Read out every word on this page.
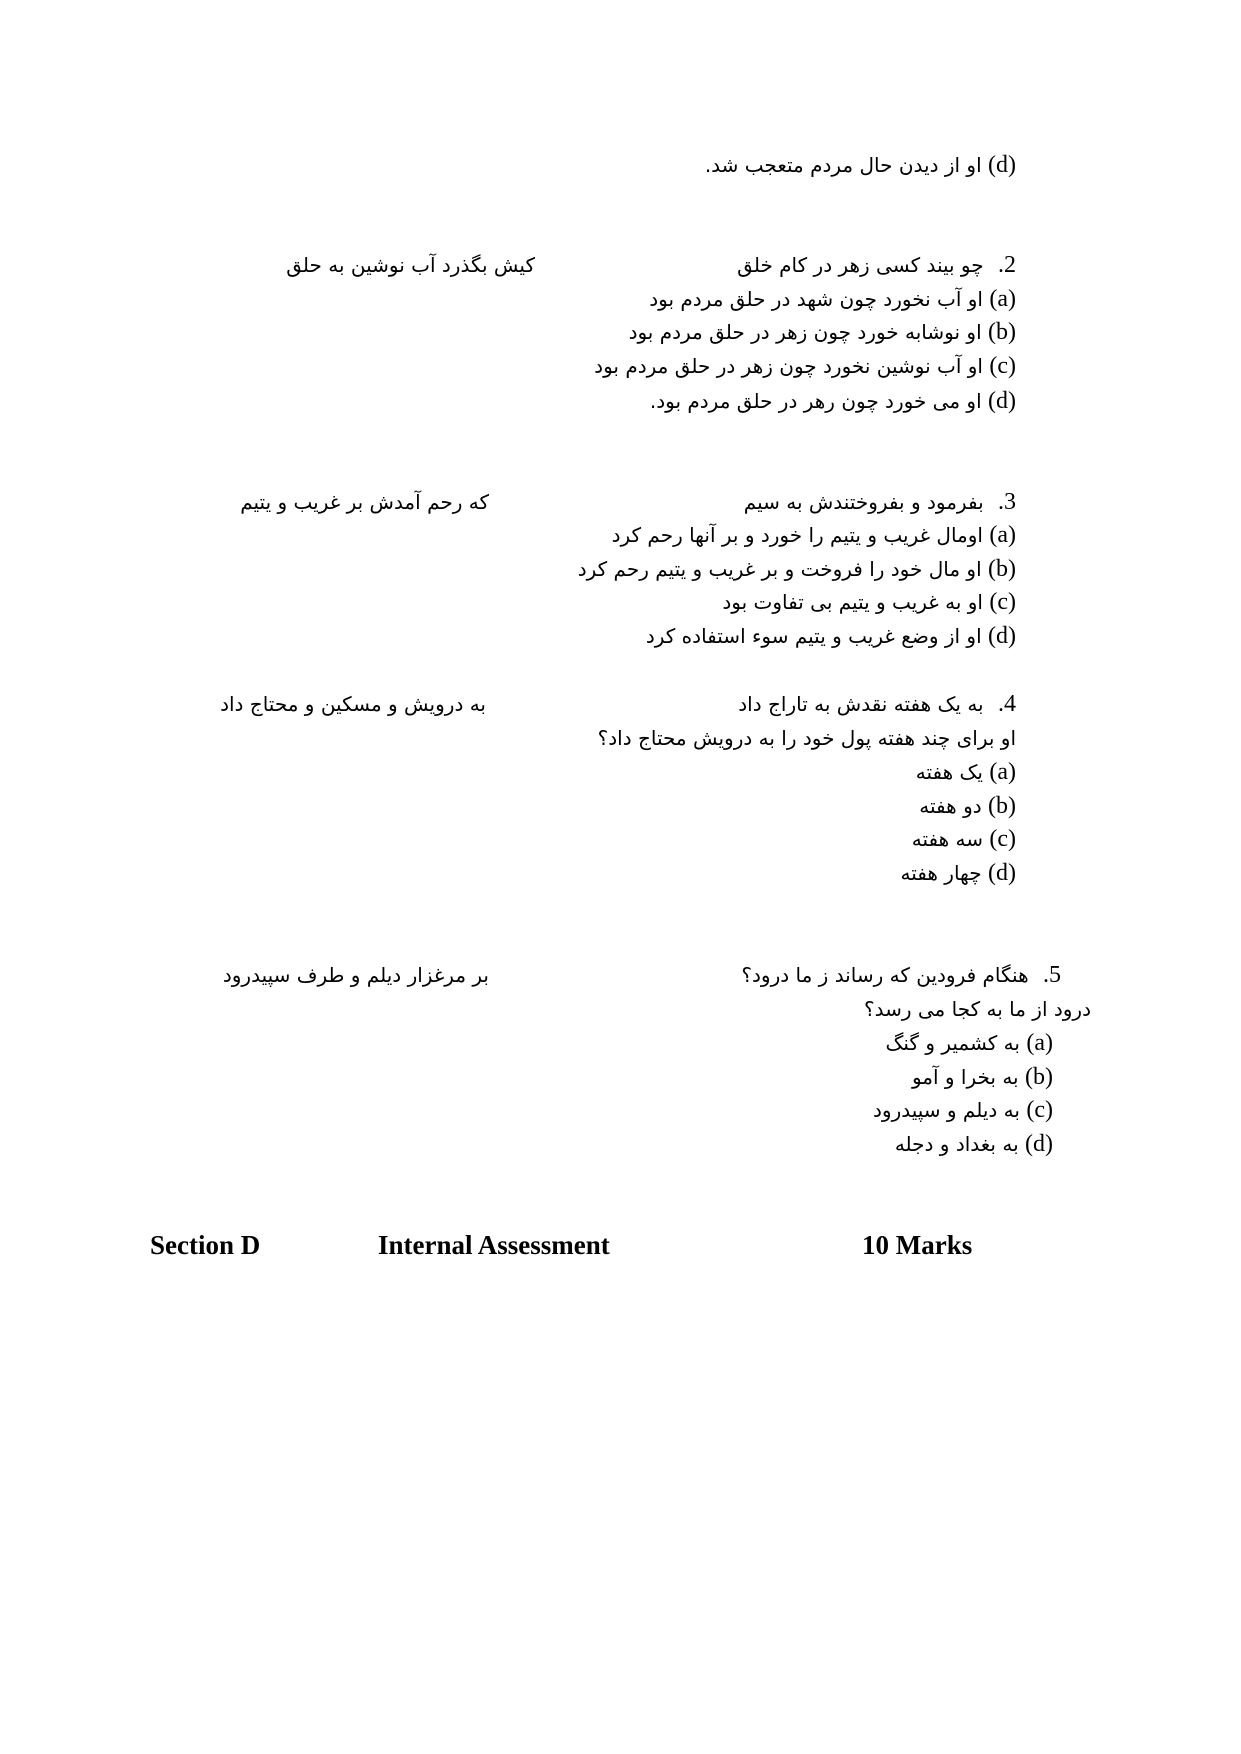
(d) او از دیدن حال مردم متعجب شد.
2 . چو بیند کسی زهر در کام خلق
کیش بگذرد آب نوشین به حلق
(a) او آب نخورد چون شهد در حلق مردم بود
(b) او نوشابه خورد چون زهر در حلق مردم بود
(c) او آب نوشین نخورد چون زهر در حلق مردم بود
(d) او می خورد چون رهر در حلق مردم بود.
3 . بفرمود و بفروختندش به سیم
که رحم آمدش بر غریب و یتیم
(a) اومال غریب و یتیم را خورد و بر آنها رحم کرد
(b) او مال خود را فروخت و بر غریب و یتیم رحم کرد
(c) او به غریب و یتیم بی تفاوت بود
(d) او از وضع غریب و یتیم سوء استفاده کرد
4 . به یک هفته نقدش به تاراج داد
به درویش و مسکین و محتاج داد
او برای چند هفته پول خود را به درویش محتاج داد؟
(a) یک هفته
(b) دو هفته
(c) سه هفته
(d) چهار هفته
5 . هنگام فرودین که رساند ز ما درود؟
بر مرغزار دیلم و طرف سپیدرود
درود از ما به کجا می رسد؟
(a) به کشمیر و گنگ
(b) به بخرا و آمو
(c) به دیلم و سپیدرود
(d) به بغداد و دجله
Section D	Internal Assessment	10 Marks
